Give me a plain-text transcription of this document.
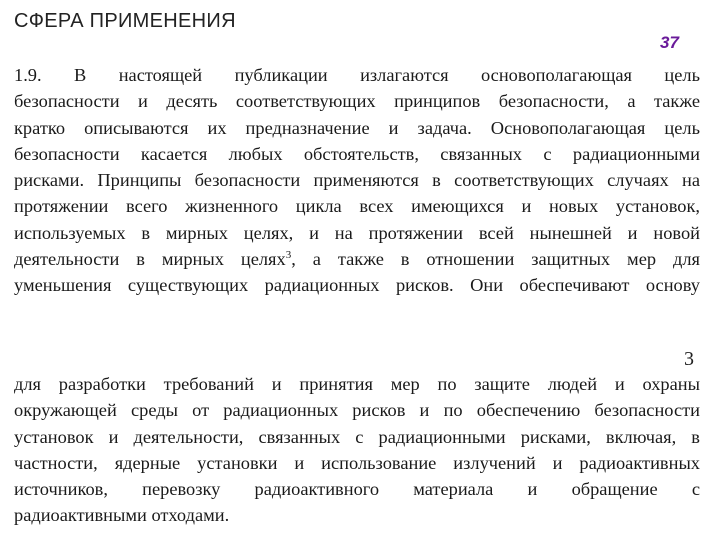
СФЕРА ПРИМЕНЕНИЯ
37
1.9. В настоящей публикации излагаются основополагающая цель
безопасности и десять соответствующих принципов безопасности, а также
кратко описываются их предназначение и задача. Основополагающая цель
безопасности касается любых обстоятельств, связанных с радиационными
рисками. Принципы безопасности применяются в соответствующих случаях на
протяжении всего жизненного цикла всех имеющихся и новых установок,
используемых в мирных целях, и на протяжении всей нынешней и новой
деятельности в мирных целях$^3$, а также в отношении защитных мер для
уменьшения существующих радиационных рисков. Они обеспечивают основу
3
для разработки требований и принятия мер по защите людей и охраны
окружающей среды от радиационных рисков и по обеспечению безопасности
установок и деятельности, связанных с радиационными рисками, включая, в
частности, ядерные установки и использование излучений и радиоактивных
источников, перевозку радиоактивного материала и обращение с
радиоактивными отходами.
